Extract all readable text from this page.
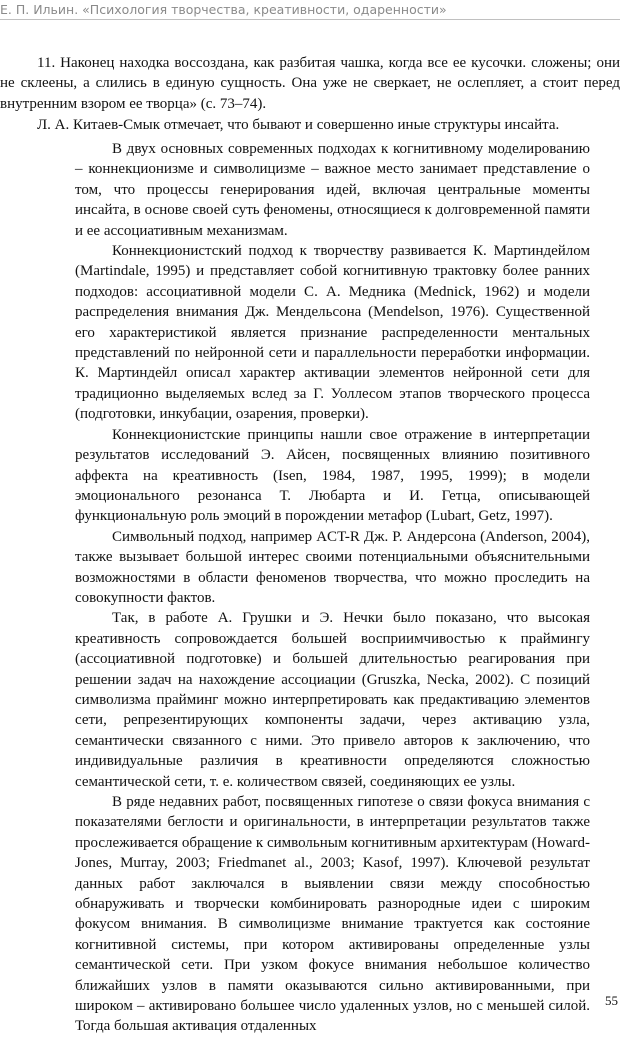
Е. П. Ильин. «Психология творчества, креативности, одаренности»

11. Наконец находка воссоздана, как разбитая чашка, когда все ее кусочки. сложены; они не склеены, а слились в единую сущность. Она уже не сверкает, не ослепляет, а стоит перед внутренним взором ее творца» (с. 73–74).

Л. А. Китаев-Смык отмечает, что бывают и совершенно иные структуры инсайта.

В двух основных современных подходах к когнитивному моделированию – коннекционизме и символицизме – важное место занимает представление о том, что процессы генерирования идей, включая центральные моменты инсайта, в основе своей суть феномены, относящиеся к долговременной памяти и ее ассоциативным механизмам.

Коннекционистский подход к творчеству развивается К. Мартиндейлом (Martindale, 1995) и представляет собой когнитивную трактовку более ранних подходов: ассоциативной модели С. А. Медника (Mednick, 1962) и модели распределения внимания Дж. Мендельсона (Mendelson, 1976). Существенной его характеристикой является признание распределенности ментальных представлений по нейронной сети и параллельности переработки информации. К. Мартиндейл описал характер активации элементов нейронной сети для традиционно выделяемых вслед за Г. Уоллесом этапов творческого процесса (подготовки, инкубации, озарения, проверки).

Коннекционистские принципы нашли свое отражение в интерпретации результатов исследований Э. Айсен, посвященных влиянию позитивного аффекта на креативность (Isen, 1984, 1987, 1995, 1999); в модели эмоционального резонанса Т. Любарта и И. Гетца, описывающей функциональную роль эмоций в порождении метафор (Lubart, Getz, 1997).

Символьный подход, например ACT-R Дж. Р. Андерсона (Anderson, 2004), также вызывает большой интерес своими потенциальными объяснительными возможностями в области феноменов творчества, что можно проследить на совокупности фактов.

Так, в работе А. Грушки и Э. Нечки было показано, что высокая креативность сопровождается большей восприимчивостью к праймингу (ассоциативной подготовке) и большей длительностью реагирования при решении задач на нахождение ассоциации (Gruszka, Necka, 2002). С позиций символизма прайминг можно интерпретировать как предактивацию элементов сети, репрезентирующих компоненты задачи, через активацию узла, семантически связанного с ними. Это привело авторов к заключению, что индивидуальные различия в креативности определяются сложностью семантической сети, т. е. количеством связей, соединяющих ее узлы.

В ряде недавних работ, посвященных гипотезе о связи фокуса внимания с показателями беглости и оригинальности, в интерпретации результатов также прослеживается обращение к символьным когнитивным архитектурам (Howard-Jones, Murray, 2003; Friedmanet al., 2003; Kasof, 1997). Ключевой результат данных работ заключался в выявлении связи между способностью обнаруживать и творчески комбинировать разнородные идеи с широким фокусом внимания. В символицизме внимание трактуется как состояние когнитивной системы, при котором активированы определенные узлы семантической сети. При узком фокусе внимания небольшое количество ближайших узлов в памяти оказываются сильно активированными, при широком – активировано большее число удаленных узлов, но с меньшей силой. Тогда большая активация отдаленных

55
